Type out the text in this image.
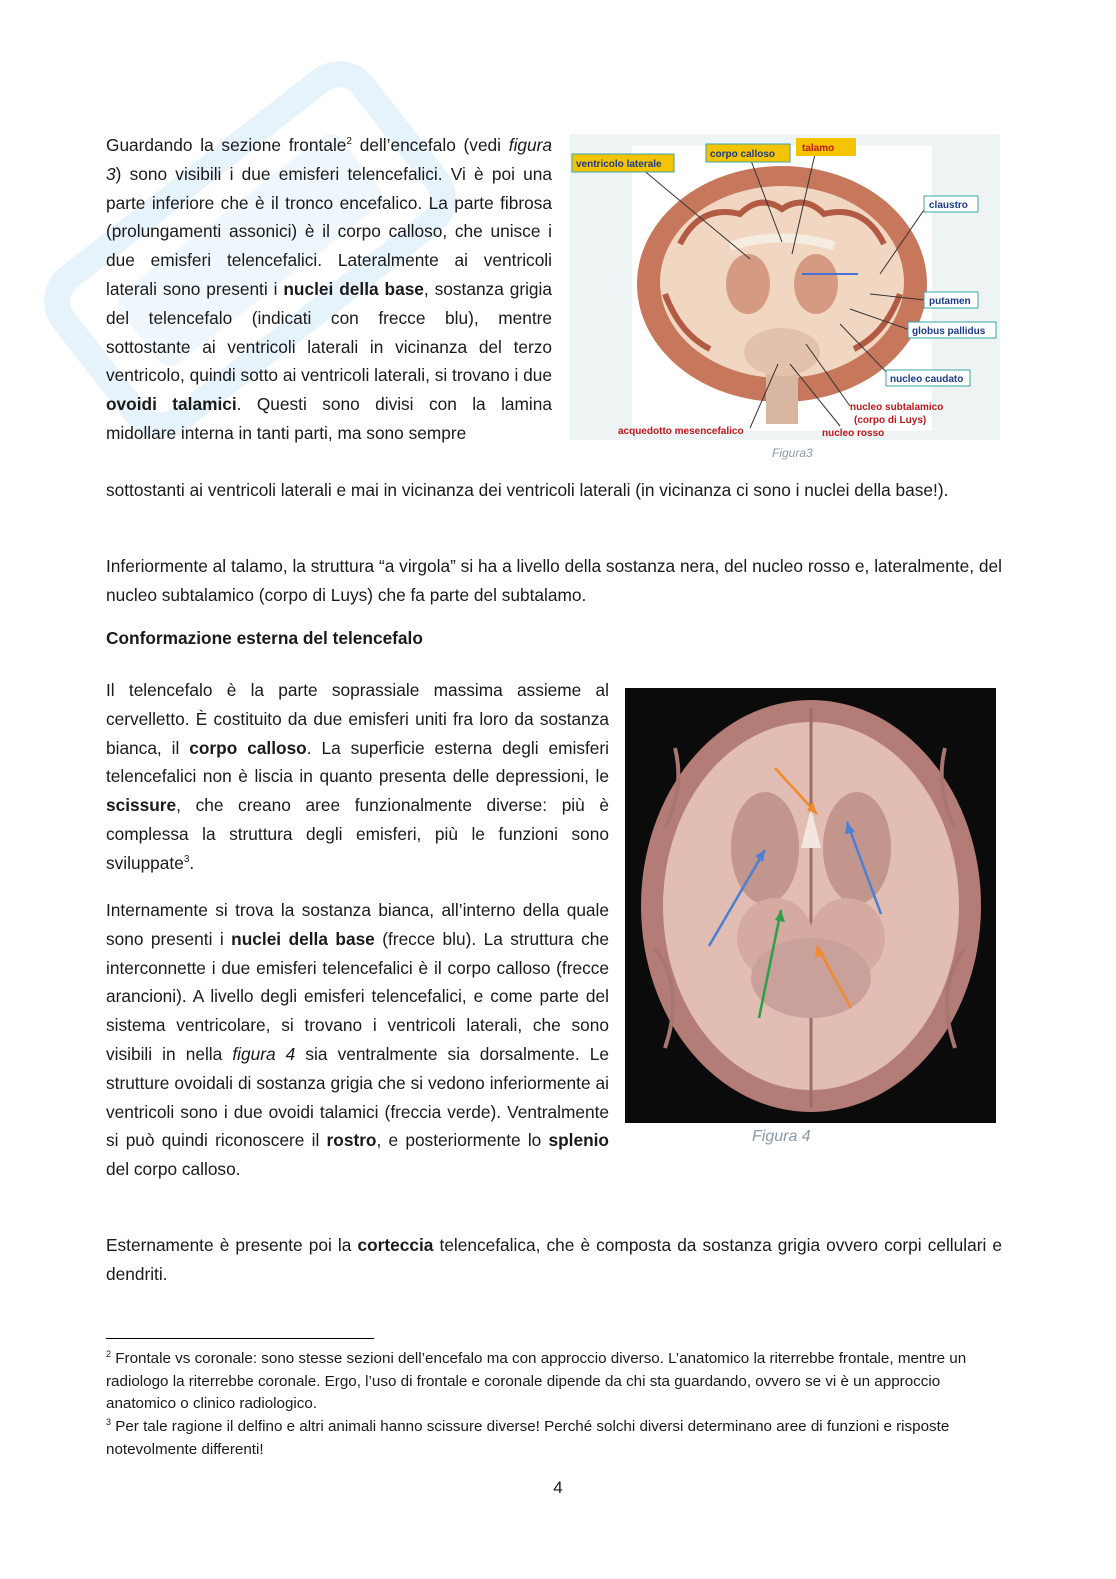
Guardando la sezione frontale$^2$ dell’encefalo (vedi figura 3) sono visibili i due emisferi telencefalici. Vi è poi una parte inferiore che è il tronco encefalico. La parte fibrosa (prolungamenti assonici) è il corpo calloso, che unisce i due emisferi telencefalici. Lateralmente ai ventricoli laterali sono presenti i nuclei della base, sostanza grigia del telencefalo (indicati con frecce blu), mentre sottostante ai ventricoli laterali in vicinanza del terzo ventricolo, quindi sotto ai ventricoli laterali, si trovano i due ovoidi talamici. Questi sono divisi con la lamina midollare interna in tanti parti, ma sono sempre

sottostanti ai ventricoli laterali e mai in vicinanza dei ventricoli laterali (in vicinanza ci sono i nuclei della base!).

ventricolo laterale
corpo calloso
talamo
claustro
putamen
globus pallidus
nucleo caudato
nucleo subtalamico
(corpo di Luys)
nucleo rosso
acquedotto mesencefalico
Figura3

Inferiormente al talamo, la struttura “a virgola” si ha a livello della sostanza nera, del nucleo rosso e, lateralmente, del nucleo subtalamico (corpo di Luys) che fa parte del subtalamo.

Conformazione esterna del telencefalo

Il telencefalo è la parte soprassiale massima assieme al cervelletto. È costituito da due emisferi uniti fra loro da sostanza bianca, il corpo calloso. La superficie esterna degli emisferi telencefalici non è liscia in quanto presenta delle depressioni, le scissure, che creano aree funzionalmente diverse: più è complessa la struttura degli emisferi, più le funzioni sono sviluppate$^3$.

Internamente si trova la sostanza bianca, all’interno della quale sono presenti i nuclei della base (frecce blu). La struttura che interconnette i due emisferi telencefalici è il corpo calloso (frecce arancioni). A livello degli emisferi telencefalici, e come parte del sistema ventricolare, si trovano i ventricoli laterali, che sono visibili in nella figura 4 sia ventralmente sia dorsalmente. Le strutture ovoidali di sostanza grigia che si vedono inferiormente ai ventricoli sono i due ovoidi talamici (freccia verde). Ventralmente si può quindi riconoscere il rostro, e posteriormente lo splenio del corpo calloso.

Figura 4

Esternamente è presente poi la corteccia telencefalica, che è composta da sostanza grigia ovvero corpi cellulari e dendriti.

$^2$ Frontale vs coronale: sono stesse sezioni dell’encefalo ma con approccio diverso. L’anatomico la riterrebbe frontale, mentre un radiologo la riterrebbe coronale. Ergo, l’uso di frontale e coronale dipende da chi sta guardando, ovvero se vi è un approccio anatomico o clinico radiologico.

$^3$ Per tale ragione il delfino e altri animali hanno scissure diverse! Perché solchi diversi determinano aree di funzioni e risposte notevolmente differenti!

4
